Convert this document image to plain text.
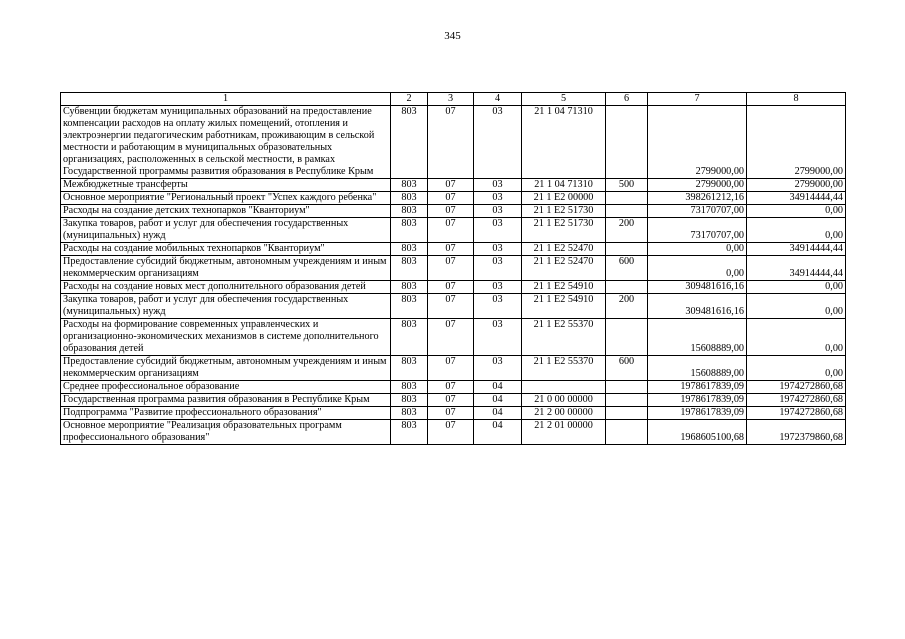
345
1	2	3	4	5	6	7	8
Субвенции бюджетам муниципальных образований на предоставление компенсации расходов на оплату жилых помещений, отопления и электроэнергии педагогическим работникам, проживающим в сельской местности и работающим в муниципальных образовательных организациях, расположенных в сельской местности, в рамках Государственной программы развития образования в Республике Крым	803	07	03	21 1 04 71310		2799000,00	2799000,00
Межбюджетные трансферты	803	07	03	21 1 04 71310	500	2799000,00	2799000,00
Основное мероприятие "Региональный проект "Успех каждого ребенка"	803	07	03	21 1 E2 00000		398261212,16	34914444,44
Расходы на создание детских технопарков "Кванториум"	803	07	03	21 1 E2 51730		73170707,00	0,00
Закупка товаров, работ и услуг для обеспечения государственных (муниципальных) нужд	803	07	03	21 1 E2 51730	200	73170707,00	0,00
Расходы на создание мобильных технопарков "Кванториум"	803	07	03	21 1 E2 52470		0,00	34914444,44
Предоставление субсидий бюджетным, автономным учреждениям и иным некоммерческим организациям	803	07	03	21 1 E2 52470	600	0,00	34914444,44
Расходы на создание новых мест дополнительного образования детей	803	07	03	21 1 E2 54910		309481616,16	0,00
Закупка товаров, работ и услуг для обеспечения государственных (муниципальных) нужд	803	07	03	21 1 E2 54910	200	309481616,16	0,00
Расходы на формирование современных управленческих и организационно-экономических механизмов в системе дополнительного образования детей	803	07	03	21 1 E2 55370		15608889,00	0,00
Предоставление субсидий бюджетным, автономным учреждениям и иным некоммерческим организациям	803	07	03	21 1 E2 55370	600	15608889,00	0,00
Среднее профессиональное образование	803	07	04			1978617839,09	1974272860,68
Государственная программа развития образования в Республике Крым	803	07	04	21 0 00 00000		1978617839,09	1974272860,68
Подпрограмма "Развитие профессионального образования"	803	07	04	21 2 00 00000		1978617839,09	1974272860,68
Основное мероприятие "Реализация образовательных программ профессионального образования"	803	07	04	21 2 01 00000		1968605100,68	1972379860,68
